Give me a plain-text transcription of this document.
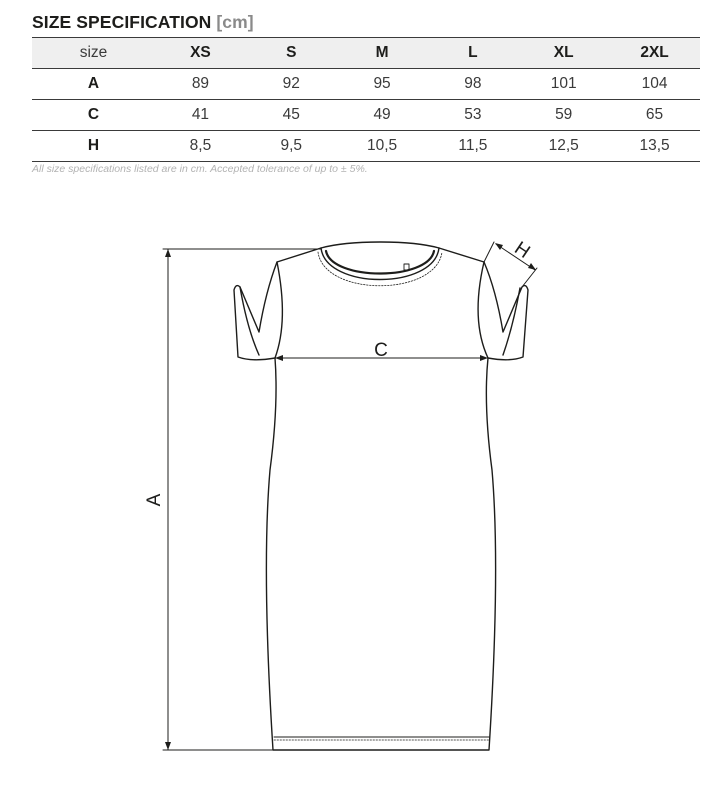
SIZE SPECIFICATION [cm]
size	XS	S	M	L	XL	2XL
A	89	92	95	98	101	104
C	41	45	49	53	59	65
H	8,5	9,5	10,5	11,5	12,5	13,5
All size specifications listed are in cm. Accepted tolerance of up to ± 5%.
A
C
H
